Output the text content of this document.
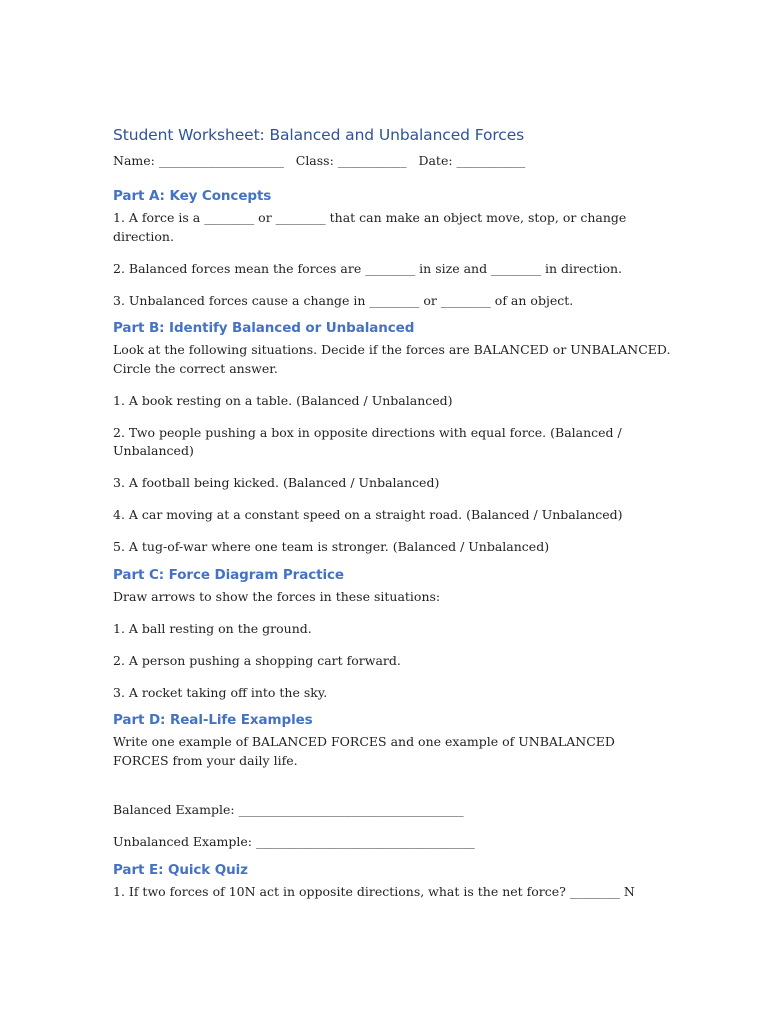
Student Worksheet: Balanced and Unbalanced Forces
Name: ____________________ Class: ___________ Date: ___________
Part A: Key Concepts

1. A force is a ________ or ________ that can make an object move, stop, or change direction.

2. Balanced forces mean the forces are ________ in size and ________ in direction.

3. Unbalanced forces cause a change in ________ or ________ of an object.

Part B: Identify Balanced or Unbalanced

Look at the following situations. Decide if the forces are BALANCED or UNBALANCED. Circle the correct answer.

1. A book resting on a table. (Balanced / Unbalanced)

2. Two people pushing a box in opposite directions with equal force. (Balanced / Unbalanced)

3. A football being kicked. (Balanced / Unbalanced)

4. A car moving at a constant speed on a straight road. (Balanced / Unbalanced)

5. A tug-of-war where one team is stronger. (Balanced / Unbalanced)

Part C: Force Diagram Practice

Draw arrows to show the forces in these situations:

1. A ball resting on the ground.

2. A person pushing a shopping cart forward.

3. A rocket taking off into the sky.

Part D: Real-Life Examples

Write one example of BALANCED FORCES and one example of UNBALANCED FORCES from your daily life.

Balanced Example: ____________________________________

Unbalanced Example: ___________________________________

Part E: Quick Quiz

1. If two forces of 10N act in opposite directions, what is the net force? ________ N
